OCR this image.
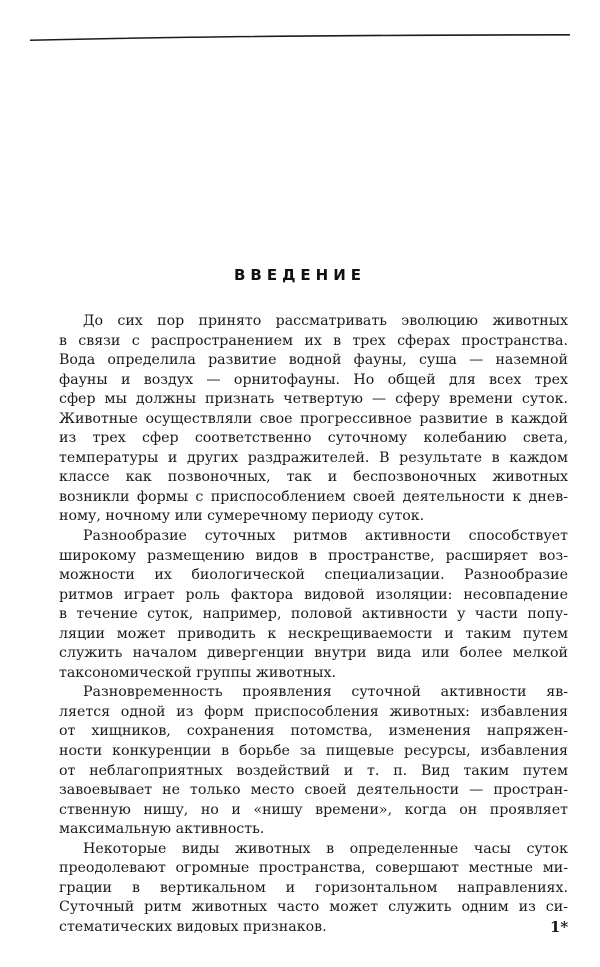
ВВЕДЕНИЕ
До сих пор принято рассматривать эволюцию животных
в связи с распространением их в трех сферах пространства.
Вода определила развитие водной фауны, суша — наземной
фауны и воздух — орнитофауны. Но общей для всех трех
сфер мы должны признать четвертую — сферу времени суток.
Животные осуществляли свое прогрессивное развитие в каждой
из трех сфер соответственно суточному колебанию света,
температуры и других раздражителей. В результате в каждом
классе как позвоночных, так и беспозвоночных животных
возникли формы с приспособлением своей деятельности к днев-
ному, ночному или сумеречному периоду суток.
Разнообразие суточных ритмов активности способствует
широкому размещению видов в пространстве, расширяет воз-
можности их биологической специализации. Разнообразие
ритмов играет роль фактора видовой изоляции: несовпадение
в течение суток, например, половой активности у части попу-
ляции может приводить к нескрещиваемости и таким путем
служить началом дивергенции внутри вида или более мелкой
таксономической группы животных.
Разновременность проявления суточной активности яв-
ляется одной из форм приспособления животных: избавления
от хищников, сохранения потомства, изменения напряжен-
ности конкуренции в борьбе за пищевые ресурсы, избавления
от неблагоприятных воздействий и т. п. Вид таким путем
завоевывает не только место своей деятельности — простран-
ственную нишу, но и «нишу времени», когда он проявляет
максимальную активность.
Некоторые виды животных в определенные часы суток
преодолевают огромные пространства, совершают местные ми-
грации в вертикальном и горизонтальном направлениях.
Суточный ритм животных часто может служить одним из си-
стематических видовых признаков.	1*
